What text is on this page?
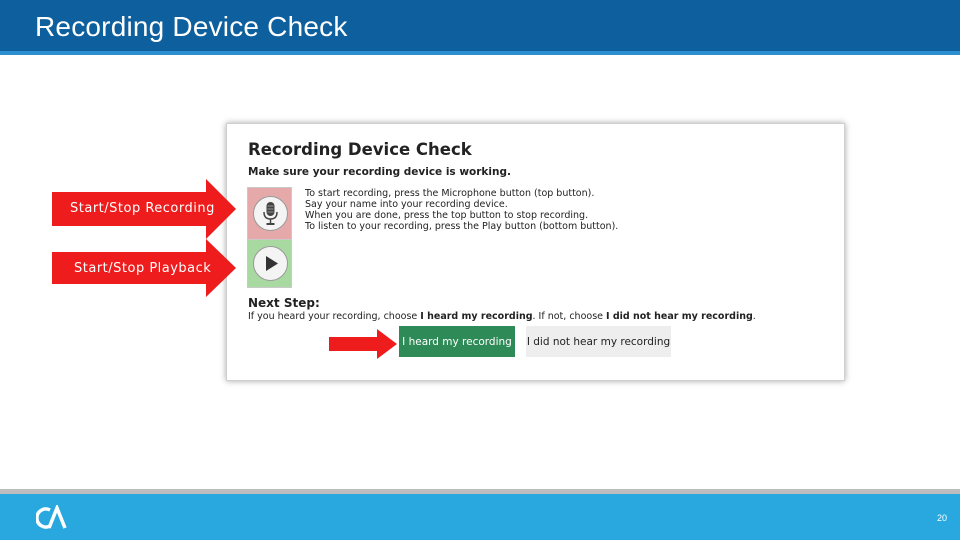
Recording Device Check
Recording Device Check
Make sure your recording device is working.
To start recording, press the Microphone button (top button).
Say your name into your recording device.
When you are done, press the top button to stop recording.
To listen to your recording, press the Play button (bottom button).
Next Step:
If you heard your recording, choose I heard my recording. If not, choose I did not hear my recording.
I heard my recording	I did not hear my recording
Start/Stop Recording
Start/Stop Playback
20
